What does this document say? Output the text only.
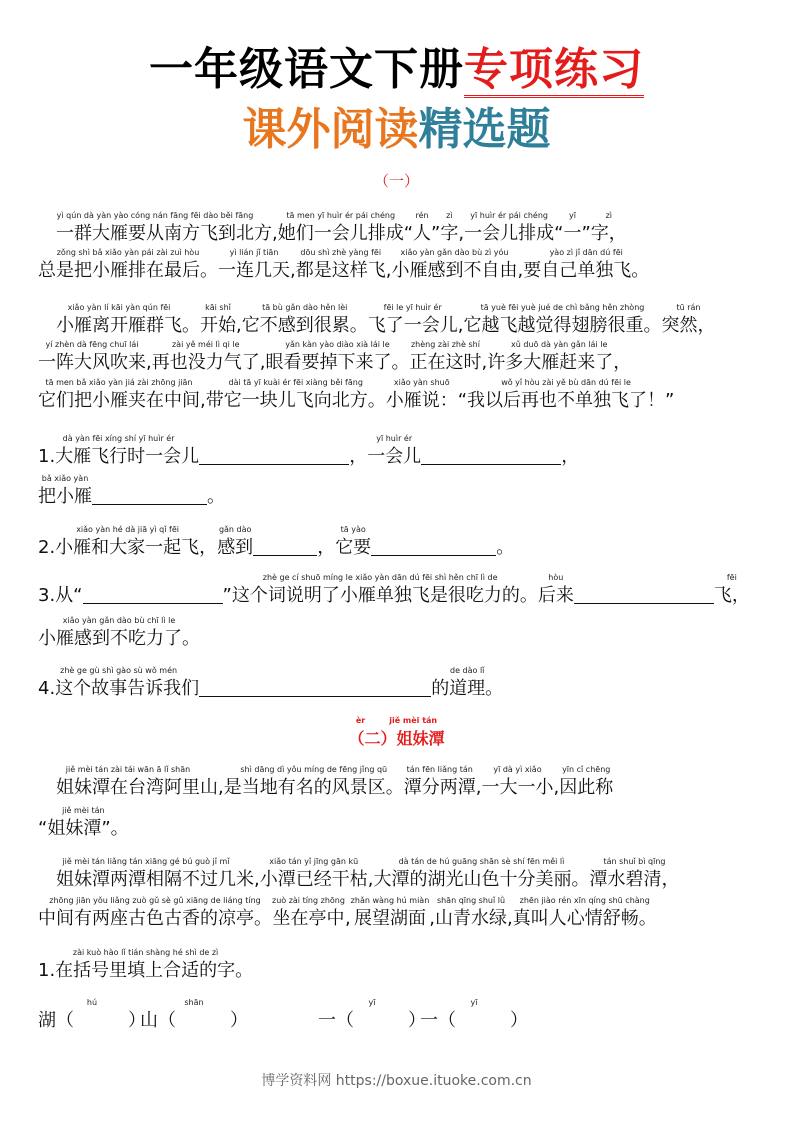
一年级语文下册专项练习
课外阅读精选题
（一）
yì qún dà yàn yào cóng nán fāng fēi dào běi fāng
　一群大雁要从南方飞到北方 ,
tā men yī huìr ér pái chéng
她们一会儿排成
rén
“人”
zì
字 ,
yī huìr ér pái chéng
一会儿排成
yī
“一”
zì
字，
zǒng shì bǎ xiǎo yàn pái zài zuì hòu
总是把小雁排在最后。
yì lián jǐ tiān
一连几天 ,
dōu shì zhè yàng fēi
都是这样飞 ,
xiǎo yàn gǎn dào bù zì yóu
小雁感到不自由 ,
yào zì jǐ dān dú fēi
要自己单独飞。
xiǎo yàn lí kāi yàn qún fēi
　小雁离开雁群飞。
kāi shǐ
开始 ,
tā bù gǎn dào hěn lèi
它不感到很累。
fēi le yī huìr ér
飞了一会儿 ,
tā yuè fēi yuè jué de chì bǎng hěn zhòng
它越飞越觉得翅膀很重。
tū rán
突然，
yí zhèn dà fēng chuī lái
一阵大风吹来 ,
zài yě méi lì qi le
再也没力气了 ,
yǎn kàn yào diào xià lái le
眼看要掉下来了。
zhèng zài zhè shí
正在这时 ,
xǔ duō dà yàn gǎn lái le
许多大雁赶来了，
tā men bǎ xiǎo yàn jiá zài zhōng jiān
它们把小雁夹在中间 ,
dài tā yī kuài ér fēi xiàng běi fāng
带它一块儿飞向北方。
xiǎo yàn shuō
小雁说：
wǒ yǐ hòu zài yě bù dān dú fēi le
“我以后再也不单独飞了！”
dà yàn fēi xíng shí yī huìr ér
1.大雁飞行时一会儿	，
yī huìr ér
一会儿	，
bǎ xiǎo yàn
把小雁	。
xiǎo yàn hé dà jiā yì qǐ fēi
2.小雁和大家一起飞，
gǎn dào
感到	，
tā yào
它要	。
3.从“
zhè ge cí shuō míng le xiǎo yàn dān dú fēi shì hěn chī lì de
”这个词说明了小雁单独飞是很吃力的。
hòu
后来
fēi
飞，
xiǎo yàn gǎn dào bù chī lì le
小雁感到不吃力了。
zhè ge gù shì gào sù wǒ mén
4.这个故事告诉我们
de dào lǐ
的道理。
jiě mèi tán zài tái wān ā lǐ shān
　姐妹潭在台湾阿里山 ,
shì dāng dì yǒu míng de fēng jǐng qū
是当地有名的风景区。
tán fēn liǎng tán
潭分两潭 ,
yī dà yì xiǎo
一大一小 ,
yīn cǐ chēng
因此称
jiě mèi tán
“姐妹潭”。
jiě mèi tán liǎng tán xiāng gé bú guò jǐ mǐ
　姐妹潭两潭相隔不过几米 ,
xiǎo tán yǐ jīng gān kū
小潭已经干枯 ,
dà tán de hú guāng shān sè shí fēn měi lì
大潭的湖光山色十分美丽。
tán shuǐ bì qīng
潭水碧清，
zhōng jiān yǒu liǎng zuò gǔ sè gǔ xiāng de liáng tíng
中间有两座古色古香的凉亭。
zuò zài tíng zhōng
坐在亭中 ,
zhǎn wàng hú miàn
展望湖面 ,
shān qīng shuǐ lǜ
山青水绿 ,
zhēn jiào rén xīn qíng shū chàng
真叫人心情舒畅。
zài kuò hào lǐ tián shàng hé shì de zì
1.在括号里填上合适的字。
hú
湖（　　　）
shān
山（　　　）
yī
一（　　　）
yī
一（　　　）
èr　　　jiě mèi tán
（二）姐妹潭
博学资料网 https://boxue.ituoke.com.cn
